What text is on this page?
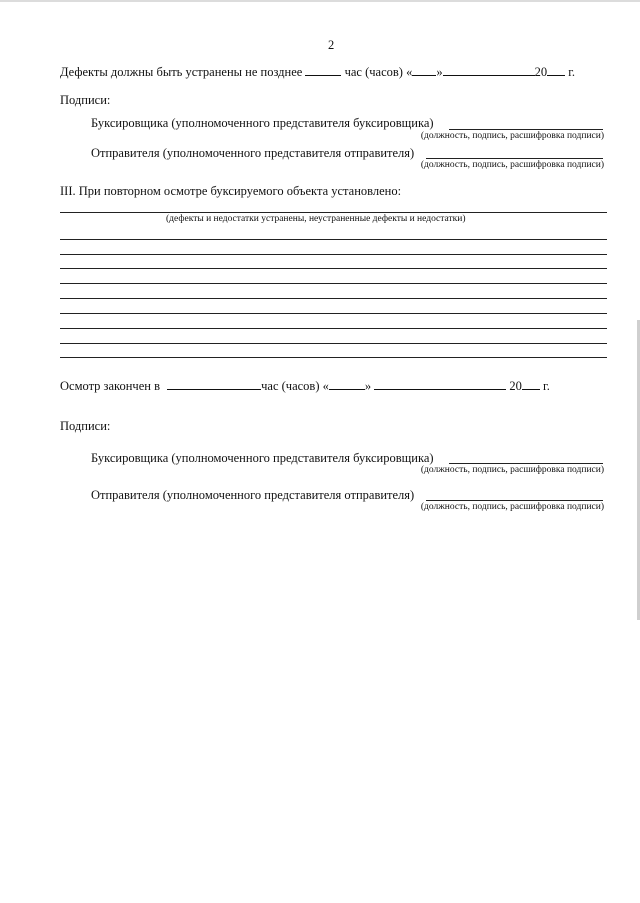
2
Дефекты должны быть устранены не позднее	час (часов) « »	20 г.
Подписи:
Буксировщика (уполномоченного представителя буксировщика)
(должность, подпись, расшифровка подписи)
Отправителя (уполномоченного представителя отправителя)
(должность, подпись, расшифровка подписи)
III. При повторном осмотре буксируемого объекта установлено:
(дефекты и недостатки устранены, неустраненные дефекты и недостатки)
Осмотр закончен в	час (часов) «	»	20 г.
Подписи:
Буксировщика (уполномоченного представителя буксировщика)
(должность, подпись, расшифровка подписи)
Отправителя (уполномоченного представителя отправителя)
(должность, подпись, расшифровка подписи)
